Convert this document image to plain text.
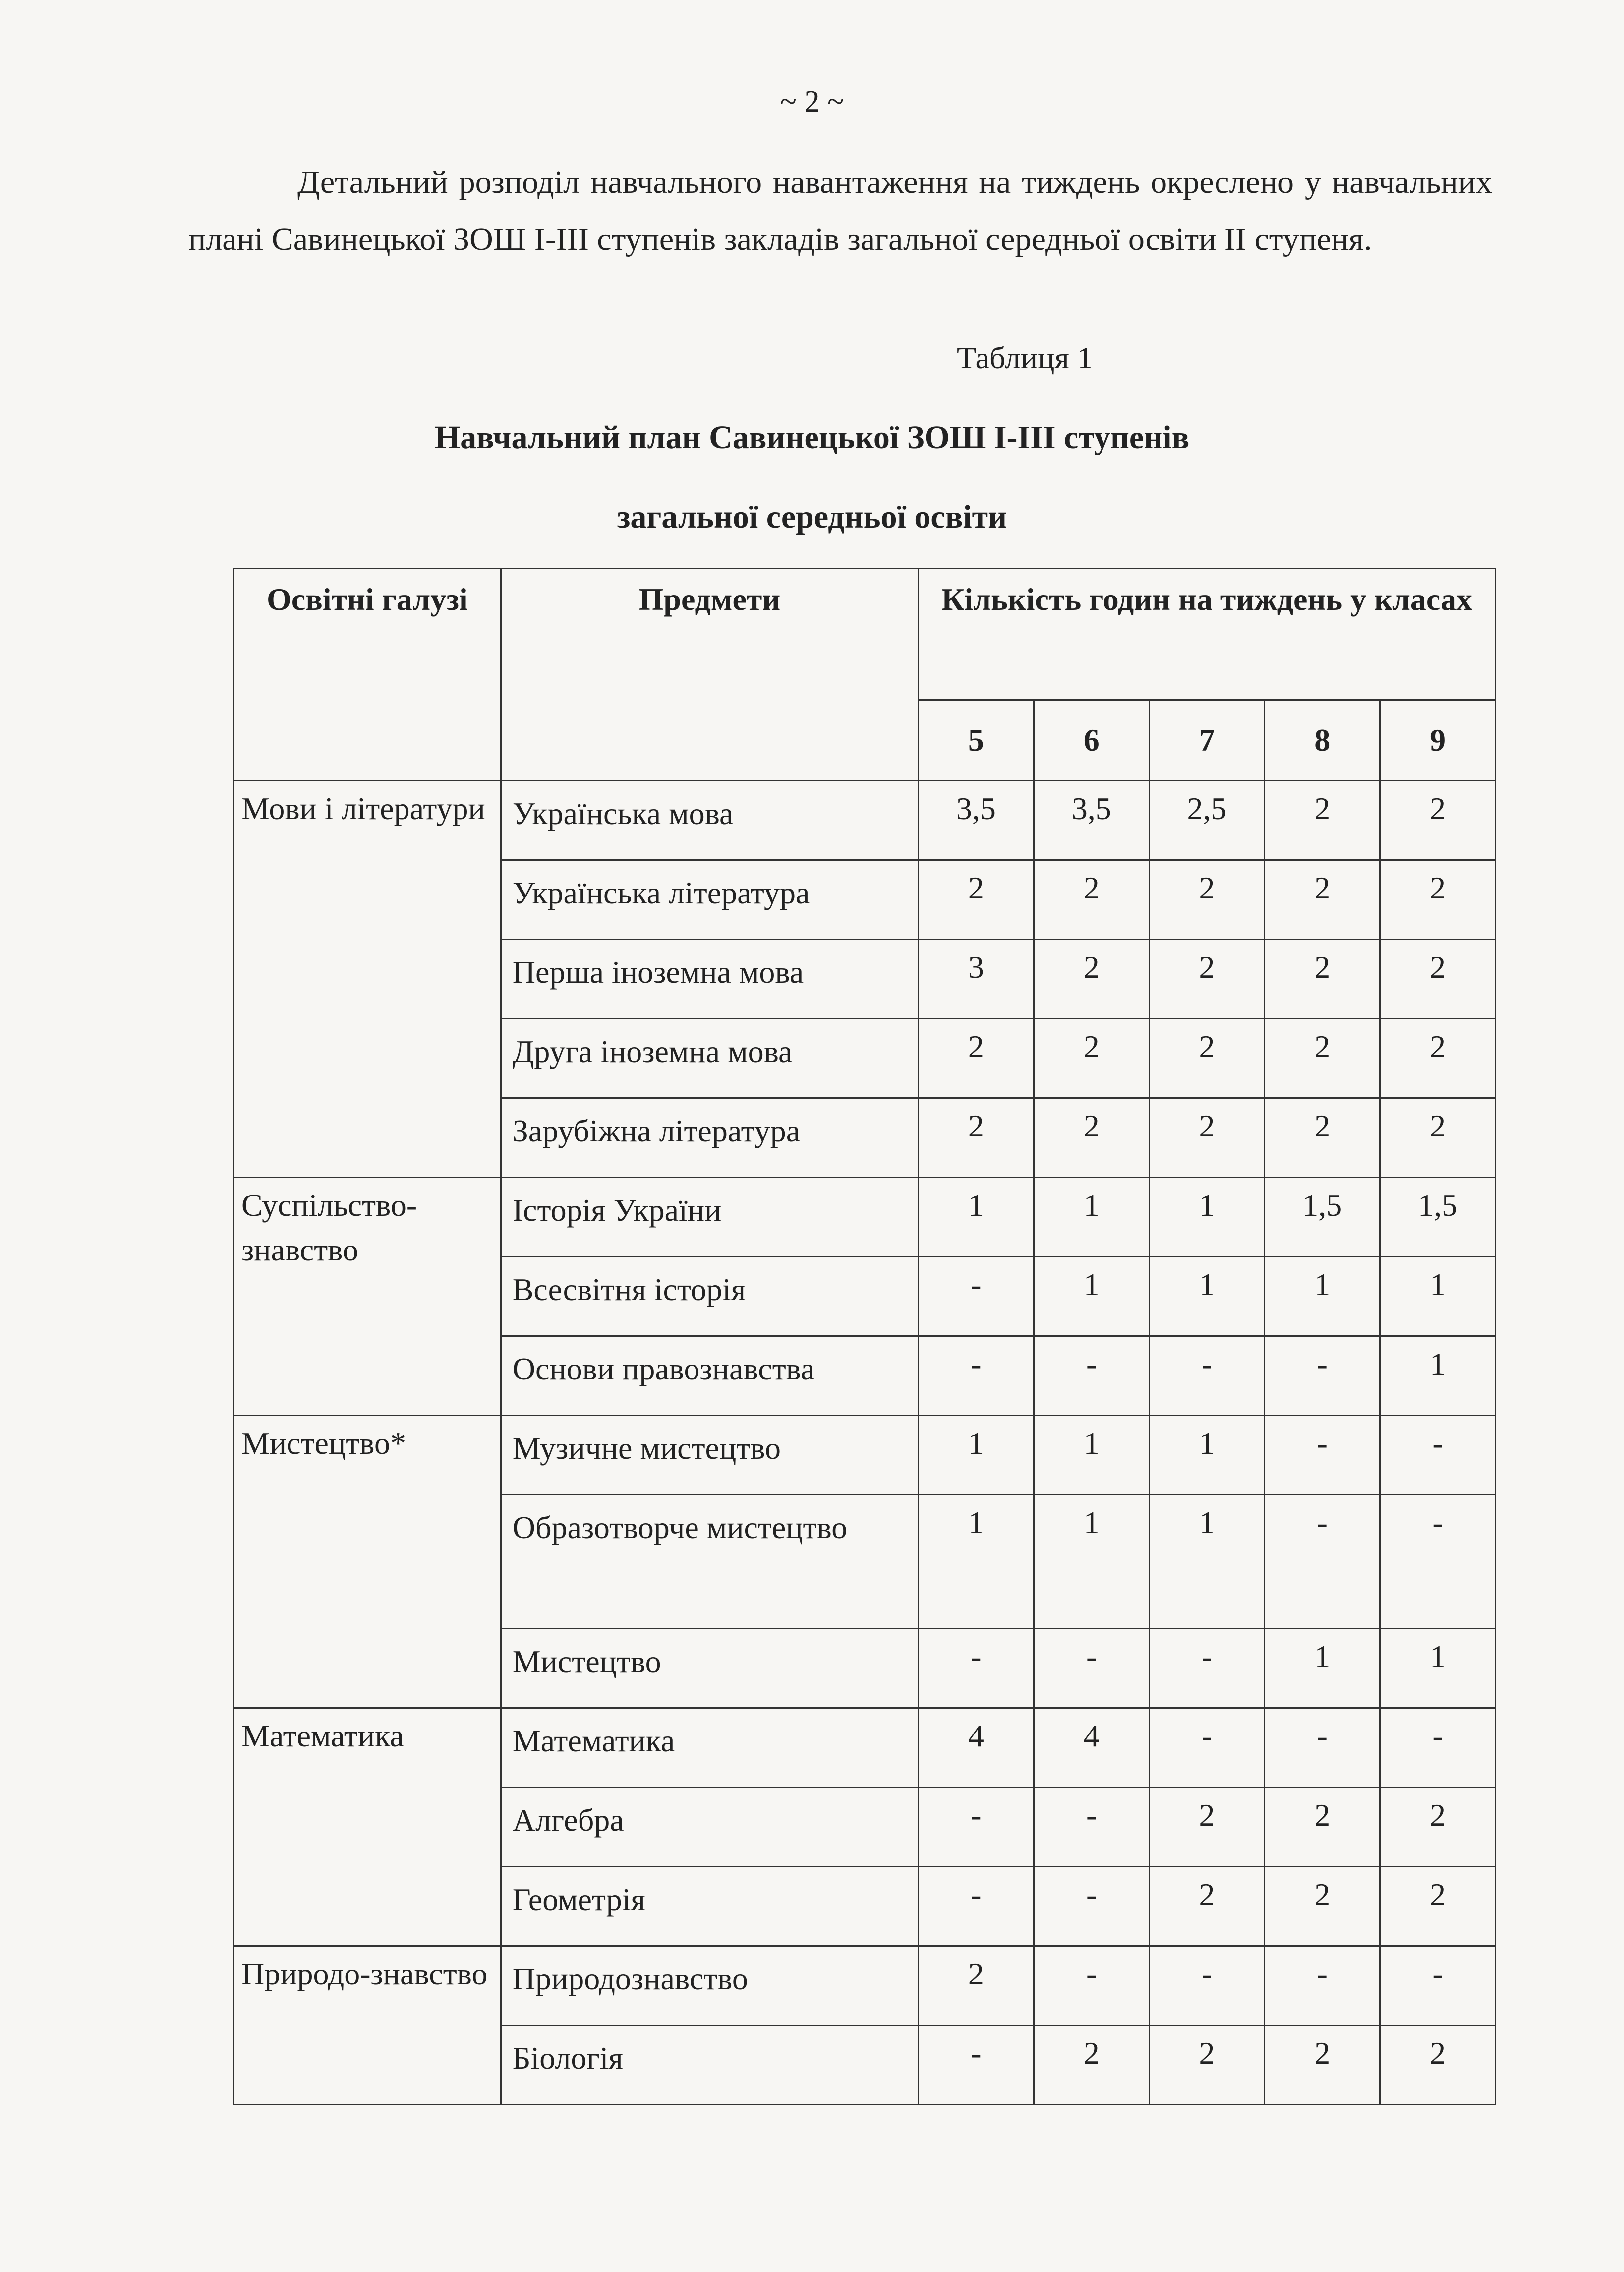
~ 2 ~

Детальний розподіл навчального навантаження на тиждень окреслено у навчальних плані Савинецької ЗОШ І-ІІІ ступенів закладів загальної середньої освіти ІІ ступеня.

Таблиця 1
Навчальний план Савинецької ЗОШ І-ІІІ ступенів
загальної середньої освіти
Освітні галузі	Предмети	Кількість годин на тиждень у класах				
		5	6	7	8	9
Мови і літератури	Українська мова	3,5	3,5	2,5	2	2
	Українська література	2	2	2	2	2
	Перша іноземна мова	3	2	2	2	2
	Друга іноземна мова	2	2	2	2	2
	Зарубіжна література	2	2	2	2	2
Суспільство-знавство	Історія України	1	1	1	1,5	1,5
	Всесвітня історія	-	1	1	1	1
	Основи правознавства	-	-	-	-	1
Мистецтво*	Музичне мистецтво	1	1	1	-	-
	Образотворче мистецтво	1	1	1	-	-
	Мистецтво	-	-	-	1	1
Математика	Математика	4	4	-	-	-
	Алгебра	-	-	2	2	2
	Геометрія	-	-	2	2	2
Природо-знавство	Природознавство	2	-	-	-	-
	Біологія	-	2	2	2	2
